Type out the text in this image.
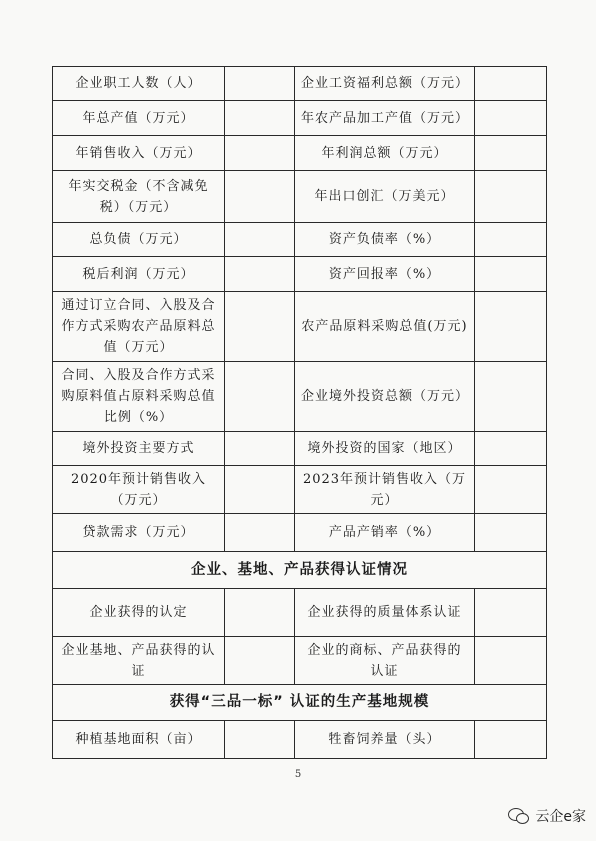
企业职工人数（人）		企业工资福利总额（万元）	
年总产值（万元）		年农产品加工产值（万元）	
年销售收入（万元）		年利润总额（万元）	
年实交税金（不含减免税）（万元）		年出口创汇（万美元）	
总负债（万元）		资产负债率（%）	
税后利润（万元）		资产回报率（%）	
通过订立合同、入股及合作方式采购农产品原料总值（万元）		农产品原料采购总值(万元)	
合同、入股及合作方式采购原料值占原料采购总值比例（%）		企业境外投资总额（万元）	
境外投资主要方式		境外投资的国家（地区）	
2020年预计销售收入（万元）		2023年预计销售收入（万元）	
贷款需求（万元）		产品产销率（%）	
企业、基地、产品获得认证情况			
企业获得的认定		企业获得的质量体系认证	
企业基地、产品获得的认证		企业的商标、产品获得的认证	
获得“三品一标” 认证的生产基地规模			
种植基地面积（亩）		牲畜饲养量（头）	
5
云企e家
